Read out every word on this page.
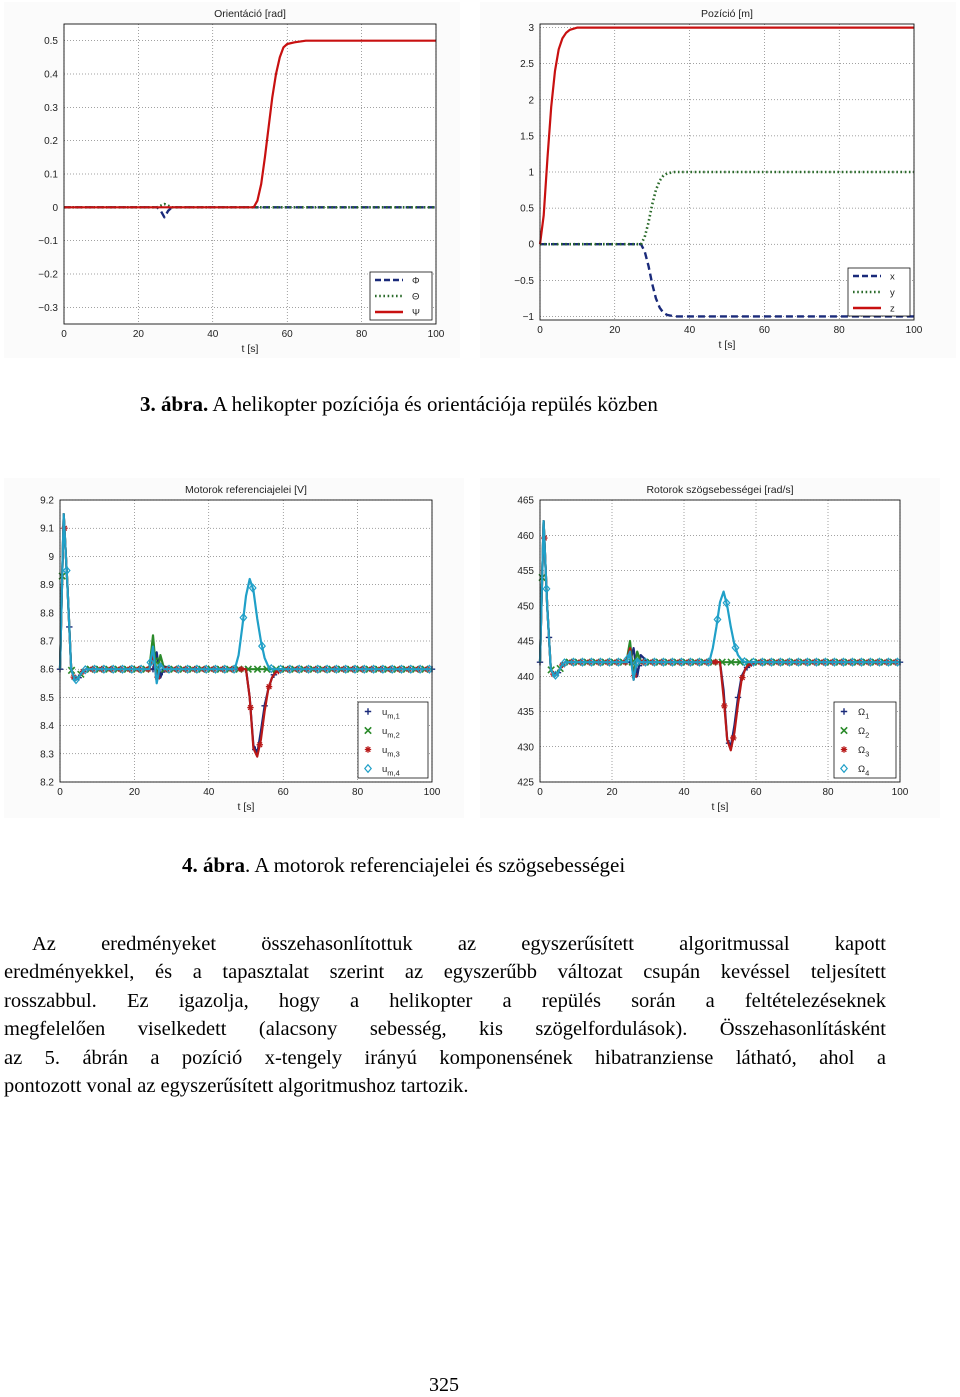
Orientáció [rad]
0	20	40	60	80	100
0.5
0.4
0.3
0.2
0.1
0
−0.1
−0.2
−0.3
t [s]
Φ
Θ
Ψ
Pozíció [m]
0	20	40	60	80	100
3
2.5
2
1.5
1
0.5
0
−0.5
−1
t [s]
x
y
z
3. ábra. A helikopter pozíciója és orientációja repülés közben
Motorok referenciajelei [V]
0	20	40	60	80	100
9.2
9.1
9
8.9
8.8
8.7
8.6
8.5
8.4
8.3
8.2
t [s]
$u_{m,1}$
$u_{m,2}$
$u_{m,3}$
$u_{m,4}$
Rotorok szögsebességei [rad/s]
0	20	40	60	80	100
465
460
455
450
445
440
435
430
425
t [s]
$\Omega_1$
$\Omega_2$
$\Omega_3$
$\Omega_4$
4. ábra. A motorok referenciajelei és szögsebességei
Az eredményeket összehasonlítottuk az egyszerűsített algoritmussal kapott
eredményekkel, és a tapasztalat szerint az egyszerűbb változat csupán kevéssel teljesített
rosszabbul. Ez igazolja, hogy a helikopter a repülés során a feltételezéseknek
megfelelően viselkedett (alacsony sebesség, kis szögelfordulások). Összehasonlításként
az 5. ábrán a pozíció x-tengely irányú komponensének hibatranziense látható, ahol a
pontozott vonal az egyszerűsített algoritmushoz tartozik.
325
